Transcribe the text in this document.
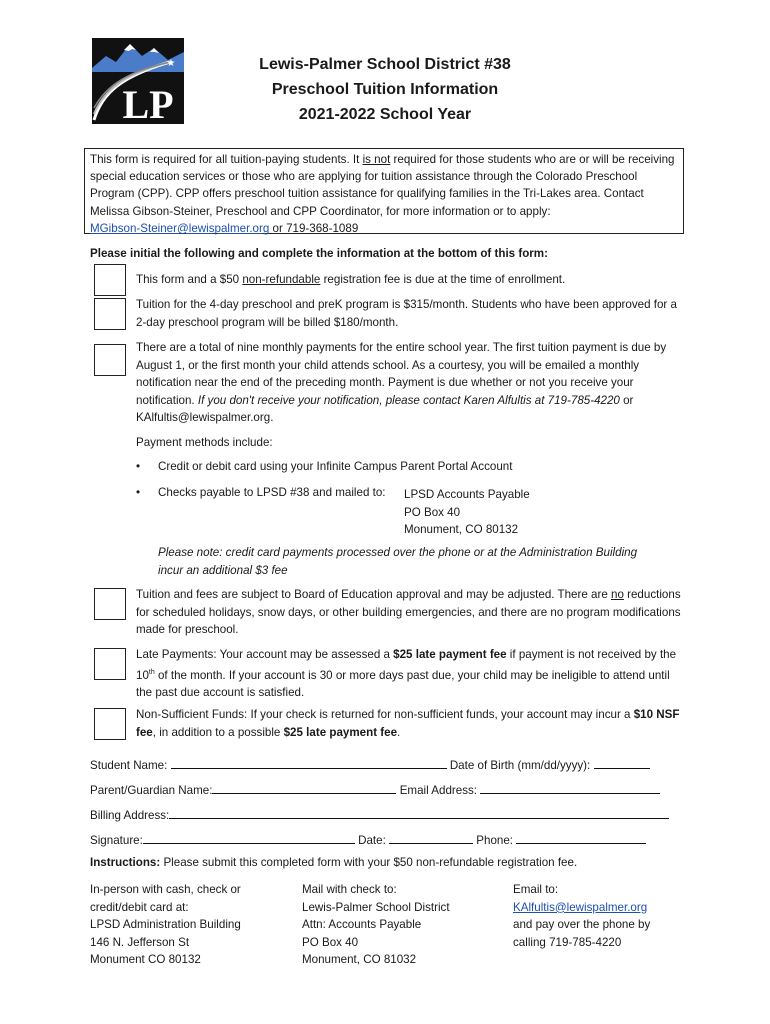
★
LP
Lewis-Palmer School District #38
Preschool Tuition Information
2021-2022 School Year
This form is required for all tuition-paying students. It is not required for those students who are or will be receiving special education services or those who are applying for tuition assistance through the Colorado Preschool Program (CPP). CPP offers preschool tuition assistance for qualifying families in the Tri-Lakes area. Contact Melissa Gibson-Steiner, Preschool and CPP Coordinator, for more information or to apply: MGibson-Steiner@lewispalmer.org or 719-368-1089
Please initial the following and complete the information at the bottom of this form:
This form and a $50 non-refundable registration fee is due at the time of enrollment.
Tuition for the 4-day preschool and preK program is $315/month. Students who have been approved for a 2-day preschool program will be billed $180/month.
There are a total of nine monthly payments for the entire school year. The first tuition payment is due by August 1, or the first month your child attends school. As a courtesy, you will be emailed a monthly notification near the end of the preceding month. Payment is due whether or not you receive your notification. If you don't receive your notification, please contact Karen Alfultis at 719-785-4220 or KAlfultis@lewispalmer.org.
Payment methods include:
• Credit or debit card using your Infinite Campus Parent Portal Account
• Checks payable to LPSD #38 and mailed to: LPSD Accounts Payable
PO Box 40
Monument, CO 80132
Please note: credit card payments processed over the phone or at the Administration Building incur an additional $3 fee
Tuition and fees are subject to Board of Education approval and may be adjusted. There are no reductions for scheduled holidays, snow days, or other building emergencies, and there are no program modifications made for preschool.
Late Payments: Your account may be assessed a $25 late payment fee if payment is not received by the 10th of the month. If your account is 30 or more days past due, your child may be ineligible to attend until the past due account is satisfied.
Non-Sufficient Funds: If your check is returned for non-sufficient funds, your account may incur a $10 NSF fee, in addition to a possible $25 late payment fee.
Student Name:	Date of Birth (mm/dd/yyyy):
Parent/Guardian Name:	Email Address:
Billing Address:
Signature:	Date:	Phone:
Instructions: Please submit this completed form with your $50 non-refundable registration fee.
In-person with cash, check or
credit/debit card at:
LPSD Administration Building
146 N. Jefferson St
Monument CO 80132
Mail with check to:
Lewis-Palmer School District
Attn: Accounts Payable
PO Box 40
Monument, CO 81032
Email to:
KAlfultis@lewispalmer.org
and pay over the phone by
calling 719-785-4220
